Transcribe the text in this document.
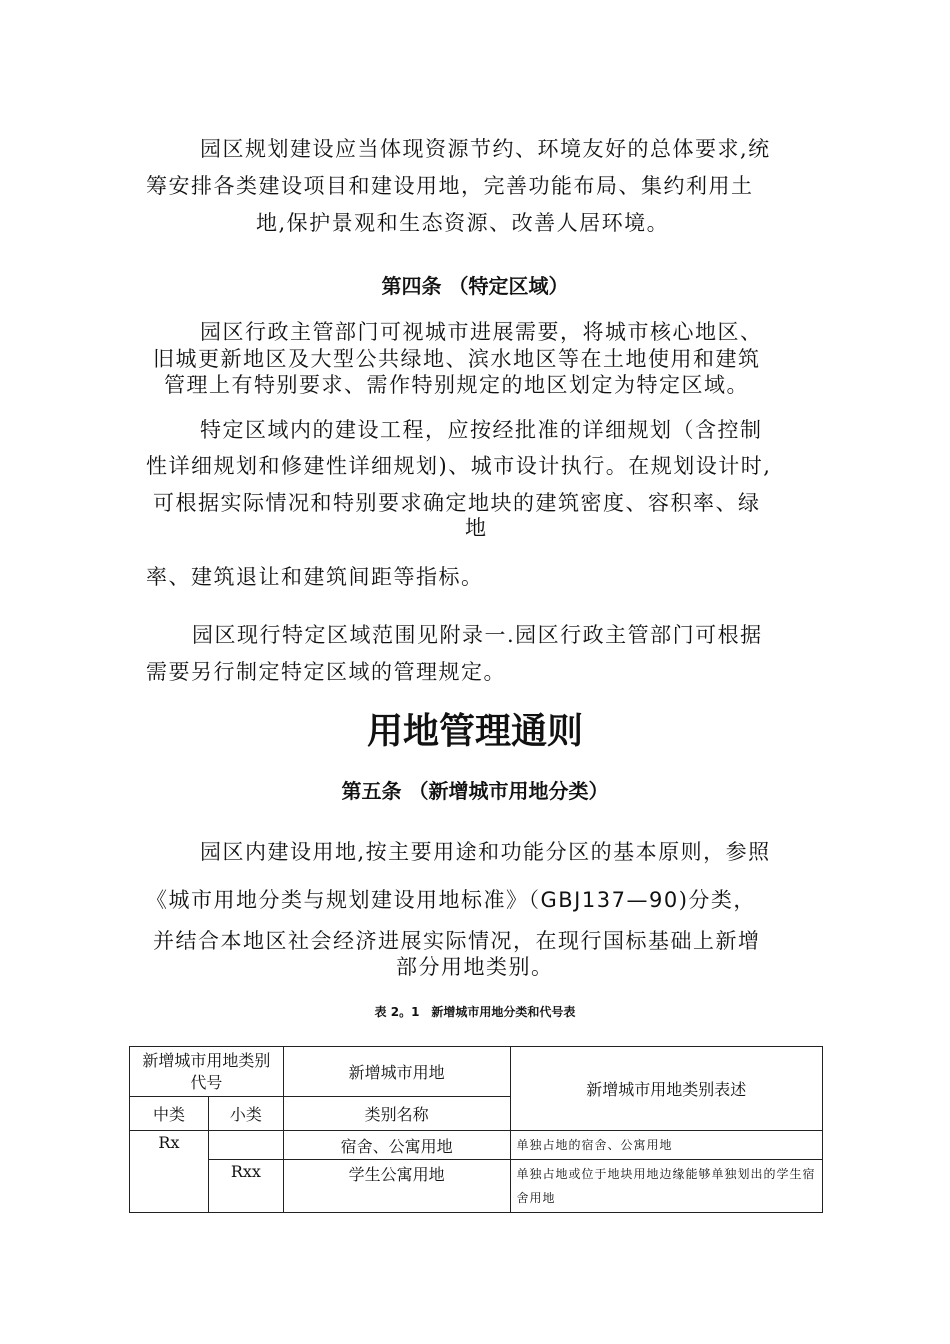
园区规划建设应当体现资源节约、环境友好的总体要求,统
筹安排各类建设项目和建设用地，完善功能布局、集约利用土
地,保护景观和生态资源、改善人居环境。
第四条 （特定区域）
园区行政主管部门可视城市进展需要，将城市核心地区、
旧城更新地区及大型公共绿地、滨水地区等在土地使用和建筑
管理上有特别要求、需作特别规定的地区划定为特定区域。
特定区域内的建设工程，应按经批准的详细规划（含控制
性详细规划和修建性详细规划)、城市设计执行。在规划设计时,
可根据实际情况和特别要求确定地块的建筑密度、容积率、绿
地
率、建筑退让和建筑间距等指标。
园区现行特定区域范围见附录一.园区行政主管部门可根据
需要另行制定特定区域的管理规定。
用地管理通则
第五条 （新增城市用地分类）
园区内建设用地,按主要用途和功能分区的基本原则，参照
《城市用地分类与规划建设用地标准》（GBJ137—90)分类，
并结合本地区社会经济进展实际情况，在现行国标基础上新增
部分用地类别。
表 2。1　新增城市用地分类和代号表
新增城市用地类别代号		新增城市用地	新增城市用地类别表述
中类	小类	类别名称	
Rx		宿舍、公寓用地	单独占地的宿舍、公寓用地
	Rxx	学生公寓用地	单独占地或位于地块用地边缘能够单独划出的学生宿舍用地
